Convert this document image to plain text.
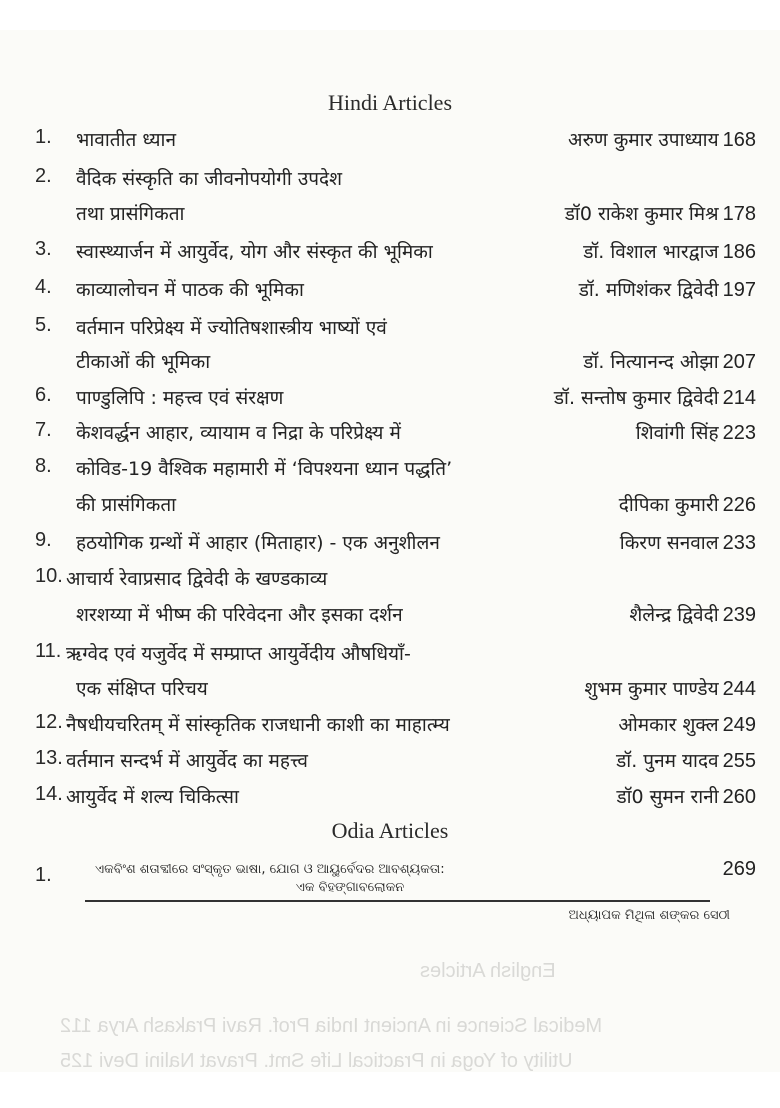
English Articles
Medical Science in Ancient India Prof. Ravi Prakash Arya 112
Utility of Yoga in Practical Life Smt. Pravat Nalini Devi 125
Hindi Articles
1. भावातीत ध्यान	अरुण कुमार उपाध्याय 168
2. वैदिक संस्कृति का जीवनोपयोगी उपदेश
तथा प्रासंगिकता	डॉ0 राकेश कुमार मिश्र 178
3. स्वास्थ्यार्जन में आयुर्वेद, योग और संस्कृत की भूमिका	डॉ. विशाल भारद्वाज 186
4. काव्यालोचन में पाठक की भूमिका	डॉ. मणिशंकर द्विवेदी 197
5. वर्तमान परिप्रेक्ष्य में ज्योतिषशास्त्रीय भाष्यों एवं
टीकाओं की भूमिका	डॉ. नित्यानन्द ओझा 207
6. पाण्डुलिपि : महत्त्व एवं संरक्षण	डॉ. सन्तोष कुमार द्विवेदी 214
7. केशवर्द्धन आहार, व्यायाम व निद्रा के परिप्रेक्ष्य में	शिवांगी सिंह 223
8. कोविड-19 वैश्विक महामारी में ‘विपश्यना ध्यान पद्धति’
की प्रासंगिकता	दीपिका कुमारी 226
9. हठयोगिक ग्रन्थों में आहार (मिताहार) - एक अनुशीलन	किरण सनवाल 233
10. आचार्य रेवाप्रसाद द्विवेदी के खण्डकाव्य
शरशय्या में भीष्म की परिवेदना और इसका दर्शन	शैलेन्द्र द्विवेदी 239
11. ऋग्वेद एवं यजुर्वेद में सम्प्राप्त आयुर्वेदीय औषधियाँ-
एक संक्षिप्त परिचय	शुभम कुमार पाण्डेय 244
12. नैषधीयचरितम् में सांस्कृतिक राजधानी काशी का माहात्म्य	ओमकार शुक्ल 249
13. वर्तमान सन्दर्भ में आयुर्वेद का महत्त्व	डॉ. पुनम यादव 255
14. आयुर्वेद में शल्य चिकित्सा	डॉ0 सुमन रानी 260
Odia Articles
1.	ଏକବିଂଶ ଶତାବ୍ଦୀରେ ସଂସ୍କୃତ ଭାଷା, ଯୋଗ ଓ ଆୟୁର୍ବେଦର ଆବଶ୍ୟକତା:	269
ଏକ ବିହଙ୍ଗାବଲୋକନ
ଅଧ୍ୟାପକ ମିଥିଳା ଶଙ୍କର ସେଠୀ
